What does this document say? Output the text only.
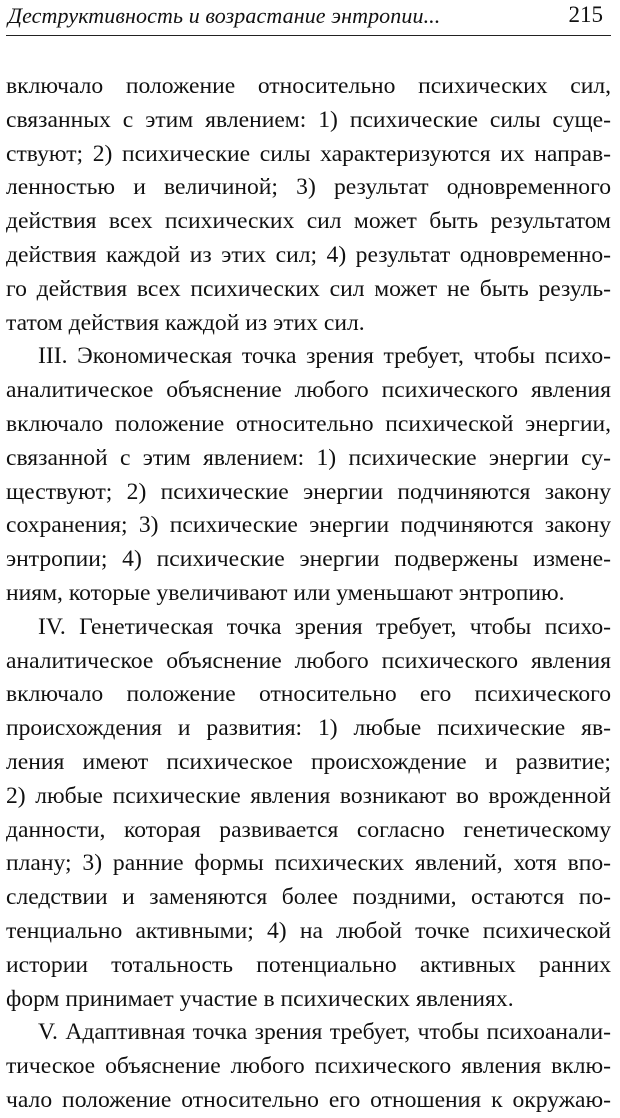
Деструктивность и возрастание энтропии...	215

включало положение относительно психических сил,
связанных с этим явлением: 1) психические силы суще-
ствуют; 2) психические силы характеризуются их направ-
ленностью и величиной; 3) результат одновременного
действия всех психических сил может быть результатом
действия каждой из этих сил; 4) результат одновременно-
го действия всех психических сил может не быть резуль-
татом действия каждой из этих сил.

III. Экономическая точка зрения требует, чтобы психо-
аналитическое объяснение любого психического явления
включало положение относительно психической энергии,
связанной с этим явлением: 1) психические энергии су-
ществуют; 2) психические энергии подчиняются закону
сохранения; 3) психические энергии подчиняются закону
энтропии; 4) психические энергии подвержены измене-
ниям, которые увеличивают или уменьшают энтропию.

IV. Генетическая точка зрения требует, чтобы психо-
аналитическое объяснение любого психического явления
включало положение относительно его психического
происхождения и развития: 1) любые психические яв-
ления имеют психическое происхождение и развитие;
2) любые психические явления возникают во врожденной
данности, которая развивается согласно генетическому
плану; 3) ранние формы психических явлений, хотя впо-
следствии и заменяются более поздними, остаются по-
тенциально активными; 4) на любой точке психической
истории тотальность потенциально активных ранних
форм принимает участие в психических явлениях.

V. Адаптивная точка зрения требует, чтобы психоанали-
тическое объяснение любого психического явления вклю-
чало положение относительно его отношения к окружаю-
